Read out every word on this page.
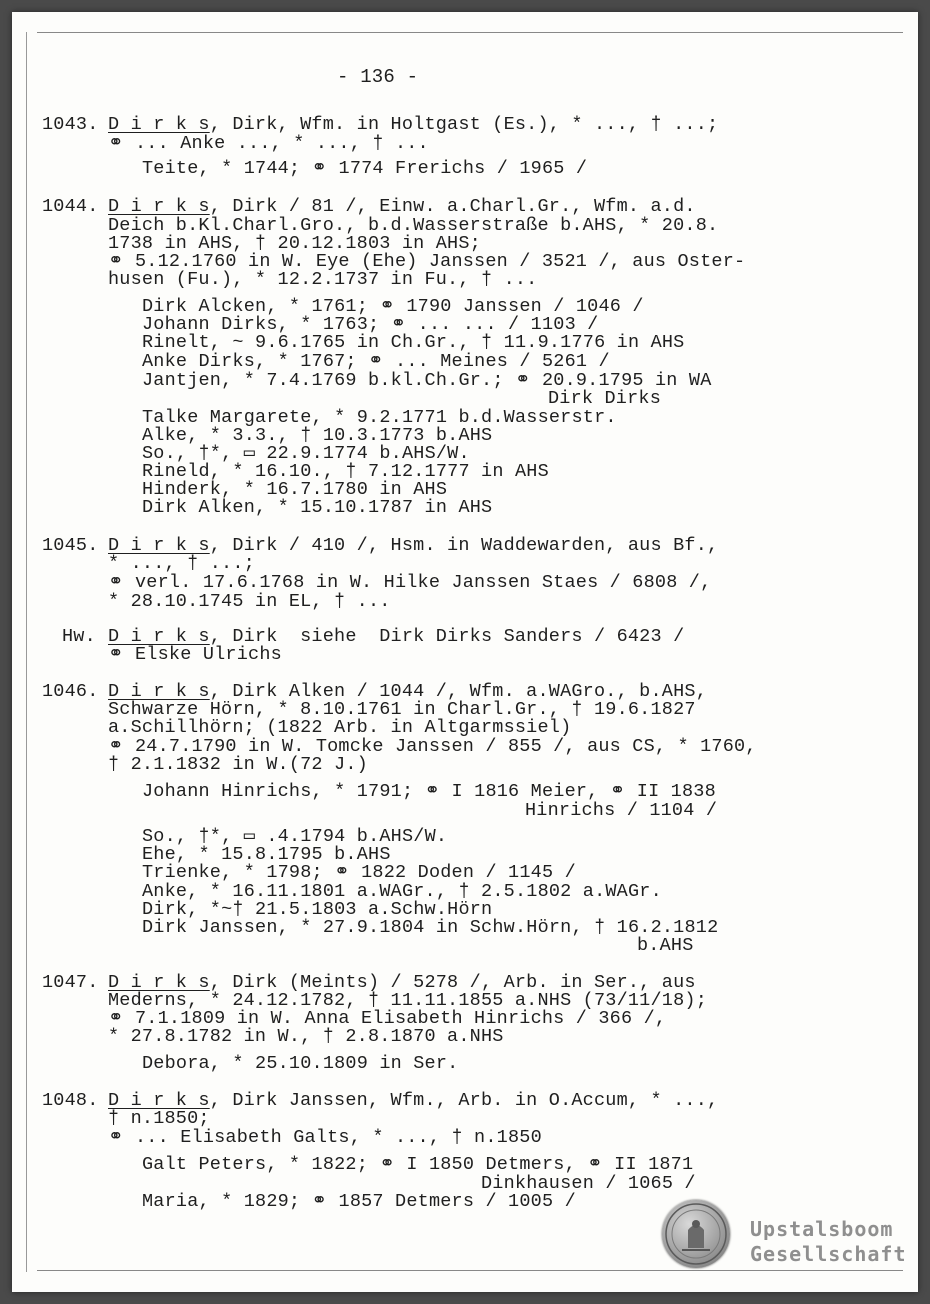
- 136 -
1043. D i r k s, Dirk, Wfm. in Holtgast (Es.), * ..., † ...;
⚭ ... Anke ..., * ..., † ...
Teite, * 1744; ⚭ 1774 Frerichs / 1965 /
1044. D i r k s, Dirk / 81 /, Einw. a.Charl.Gr., Wfm. a.d.
Deich b.Kl.Charl.Gro., b.d.Wasserstraße b.AHS, * 20.8.
1738 in AHS, † 20.12.1803 in AHS;
⚭ 5.12.1760 in W. Eye (Ehe) Janssen / 3521 /, aus Oster-
husen (Fu.), * 12.2.1737 in Fu., † ...
Dirk Alcken, * 1761; ⚭ 1790 Janssen / 1046 /
Johann Dirks, * 1763; ⚭ ... ... / 1103 /
Rinelt, ~ 9.6.1765 in Ch.Gr., † 11.9.1776 in AHS
Anke Dirks, * 1767; ⚭ ... Meines / 5261 /
Jantjen, * 7.4.1769 b.kl.Ch.Gr.; ⚭ 20.9.1795 in WA
Dirk Dirks
Talke Margarete, * 9.2.1771 b.d.Wasserstr.
Alke, * 3.3., † 10.3.1773 b.AHS
So., †*, ▭ 22.9.1774 b.AHS/W.
Rineld, * 16.10., † 7.12.1777 in AHS
Hinderk, * 16.7.1780 in AHS
Dirk Alken, * 15.10.1787 in AHS
1045. D i r k s, Dirk / 410 /, Hsm. in Waddewarden, aus Bf.,
* ..., † ...;
⚭ verl. 17.6.1768 in W. Hilke Janssen Staes / 6808 /,
* 28.10.1745 in EL, † ...
Hw. D i r k s, Dirk  siehe  Dirk Dirks Sanders / 6423 /
⚭ Elske Ulrichs
1046. D i r k s, Dirk Alken / 1044 /, Wfm. a.WAGro., b.AHS,
Schwarze Hörn, * 8.10.1761 in Charl.Gr., † 19.6.1827
a.Schillhörn; (1822 Arb. in Altgarmssiel)
⚭ 24.7.1790 in W. Tomcke Janssen / 855 /, aus CS, * 1760,
† 2.1.1832 in W.(72 J.)
Johann Hinrichs, * 1791; ⚭ I 1816 Meier, ⚭ II 1838
Hinrichs / 1104 /
So., †*, ▭ .4.1794 b.AHS/W.
Ehe, * 15.8.1795 b.AHS
Trienke, * 1798; ⚭ 1822 Doden / 1145 /
Anke, * 16.11.1801 a.WAGr., † 2.5.1802 a.WAGr.
Dirk, *~† 21.5.1803 a.Schw.Hörn
Dirk Janssen, * 27.9.1804 in Schw.Hörn, † 16.2.1812
b.AHS
1047. D i r k s, Dirk (Meints) / 5278 /, Arb. in Ser., aus
Mederns, * 24.12.1782, † 11.11.1855 a.NHS (73/11/18);
⚭ 7.1.1809 in W. Anna Elisabeth Hinrichs / 366 /,
* 27.8.1782 in W., † 2.8.1870 a.NHS
Debora, * 25.10.1809 in Ser.
1048. D i r k s, Dirk Janssen, Wfm., Arb. in O.Accum, * ...,
† n.1850;
⚭ ... Elisabeth Galts, * ..., † n.1850
Galt Peters, * 1822; ⚭ I 1850 Detmers, ⚭ II 1871
Dinkhausen / 1065 /
Maria, * 1829; ⚭ 1857 Detmers / 1005 /
Upstalsboom
Gesellschaft
